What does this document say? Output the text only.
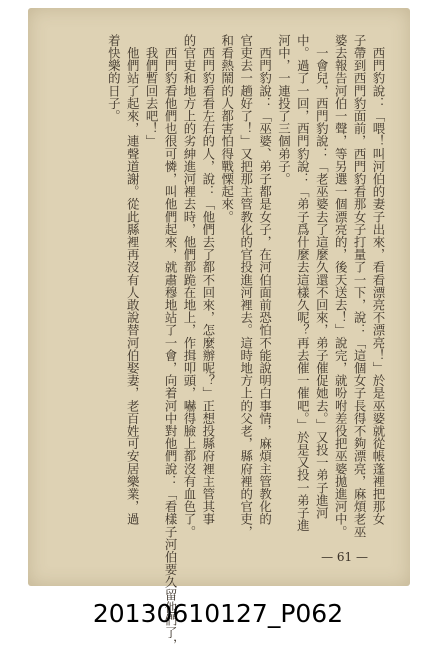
　西門豹說：「喂！叫河伯的妻子出來，看看漂亮不漂亮！」於是巫婆就從帳蓬裡把那女

子帶到西門豹面前，西門豹看那女子打量了一下，說：「這個女子長得不夠漂亮，麻煩老巫

婆去報告河伯一聲，等另選一個漂亮的，後天送去！」說完，就吩咐差役把巫婆拋進河中。

　一會兒，西門豹說：「老巫婆去了這麼久還不回來，弟子催促她去。」又投一弟子進河

中。過了一回，西門豹說：「弟子爲什麼去這樣久呢？再去催一催吧。」於是又投一弟子進

河中，一連投了三個弟子。

　西門豹說：「巫婆、弟子都是女子，在河伯面前恐怕不能說明白事情，麻煩主管教化的

官吏去一趟好了！」又把那主管教化的官投進河裡去。這時地方上的父老，縣府裡的官吏，

和看熱鬧的人都害怕得戰慄起來。

　西門豹看看左右的人，說：「他們去了都不回來，怎麼辦呢？」正想投縣府裡主管其事

的官吏和地方上的劣紳進河裡去時，他們都跪在地上，作揖叩頭，嚇得臉上都沒有血色了。

　西門豹看他們也很可憐，叫他們起來，就肅穆地站了一會，向着河中對他們說：「看樣子河伯要久留他們了，

　我們暫回去吧！」

　他們站了起來，連聲道謝。從此縣裡再沒有人敢說替河伯娶妻，老百姓可安居樂業，過

着快樂的日子。

— 61 —
20130610127_P062
